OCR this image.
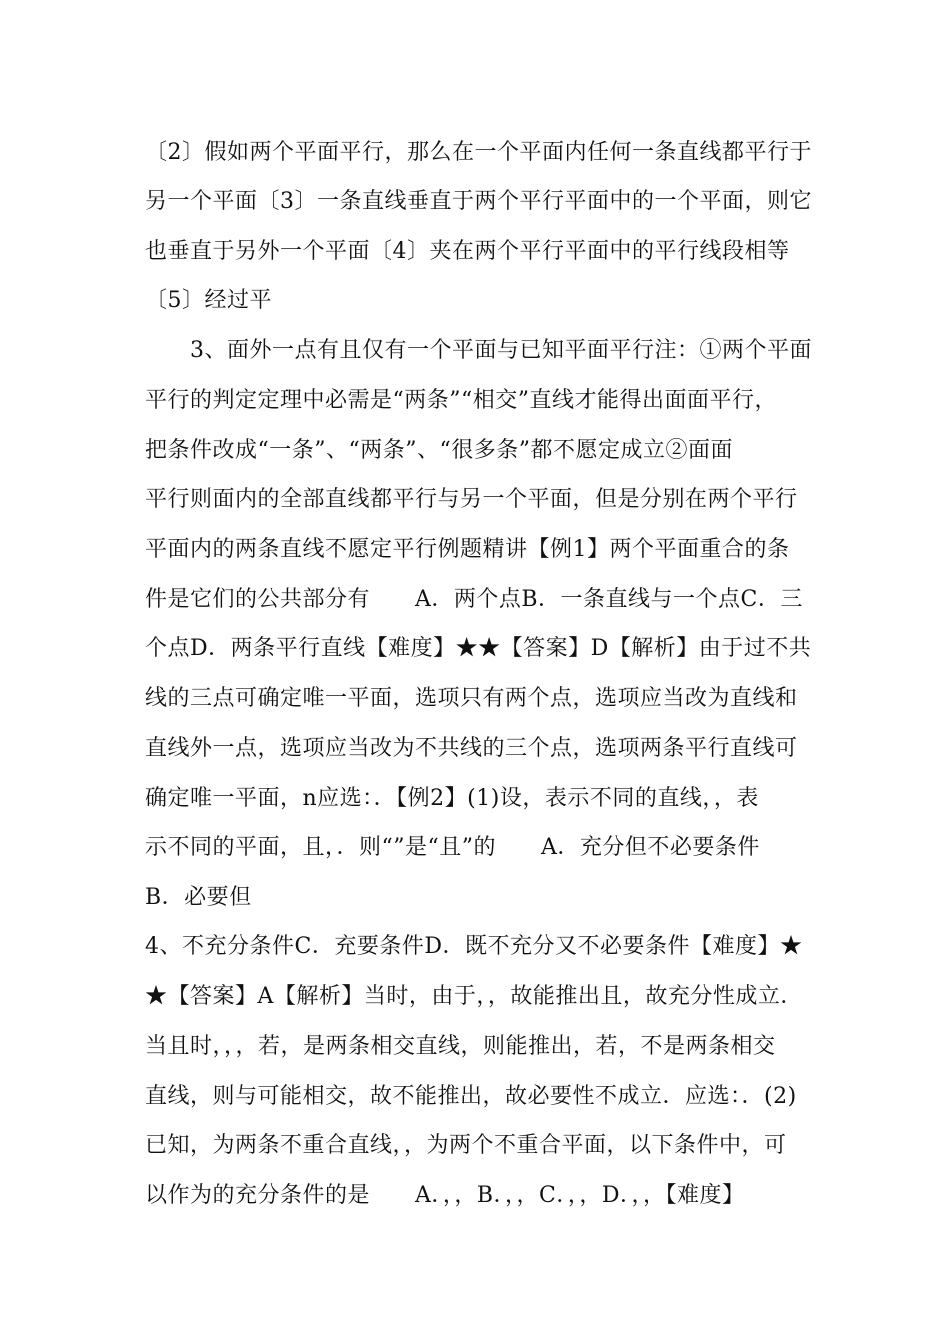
〔2〕假如两个平面平行，那么在一个平面内任何一条直线都平行于
另一个平面〔3〕一条直线垂直于两个平行平面中的一个平面，则它
也垂直于另外一个平面〔4〕夹在两个平行平面中的平行线段相等
〔5〕经过平
3、面外一点有且仅有一个平面与已知平面平行注：①两个平面
平行的判定定理中必需是“两条”“相交”直线才能得出面面平行，
把条件改成“一条”、“两条”、“很多条”都不愿定成立②面面
平行则面内的全部直线都平行与另一个平面，但是分别在两个平行
平面内的两条直线不愿定平行例题精讲【例1】两个平面重合的条
件是它们的公共部分有　　A．两个点B．一条直线与一个点C．三
个点D．两条平行直线【难度】★★【答案】D【解析】由于过不共
线的三点可确定唯一平面，选项只有两个点，选项应当改为直线和
直线外一点，选项应当改为不共线的三个点，选项两条平行直线可
确定唯一平面，n应选：．【例2】(1)设，表示不同的直线，，表
示不同的平面，且，．则“”是“且”的　　A．充分但不必要条件
B．必要但
4、不充分条件C．充要条件D．既不充分又不必要条件【难度】★
★【答案】A【解析】当时，由于，，故能推出且，故充分性成立．
当且时，，，若，是两条相交直线，则能推出，若，不是两条相交
直线，则与可能相交，故不能推出，故必要性不成立．应选：．(2)
已知，为两条不重合直线，，为两个不重合平面，以下条件中，可
以作为的充分条件的是　　A．，，B．，，C．，，D．，，【难度】
